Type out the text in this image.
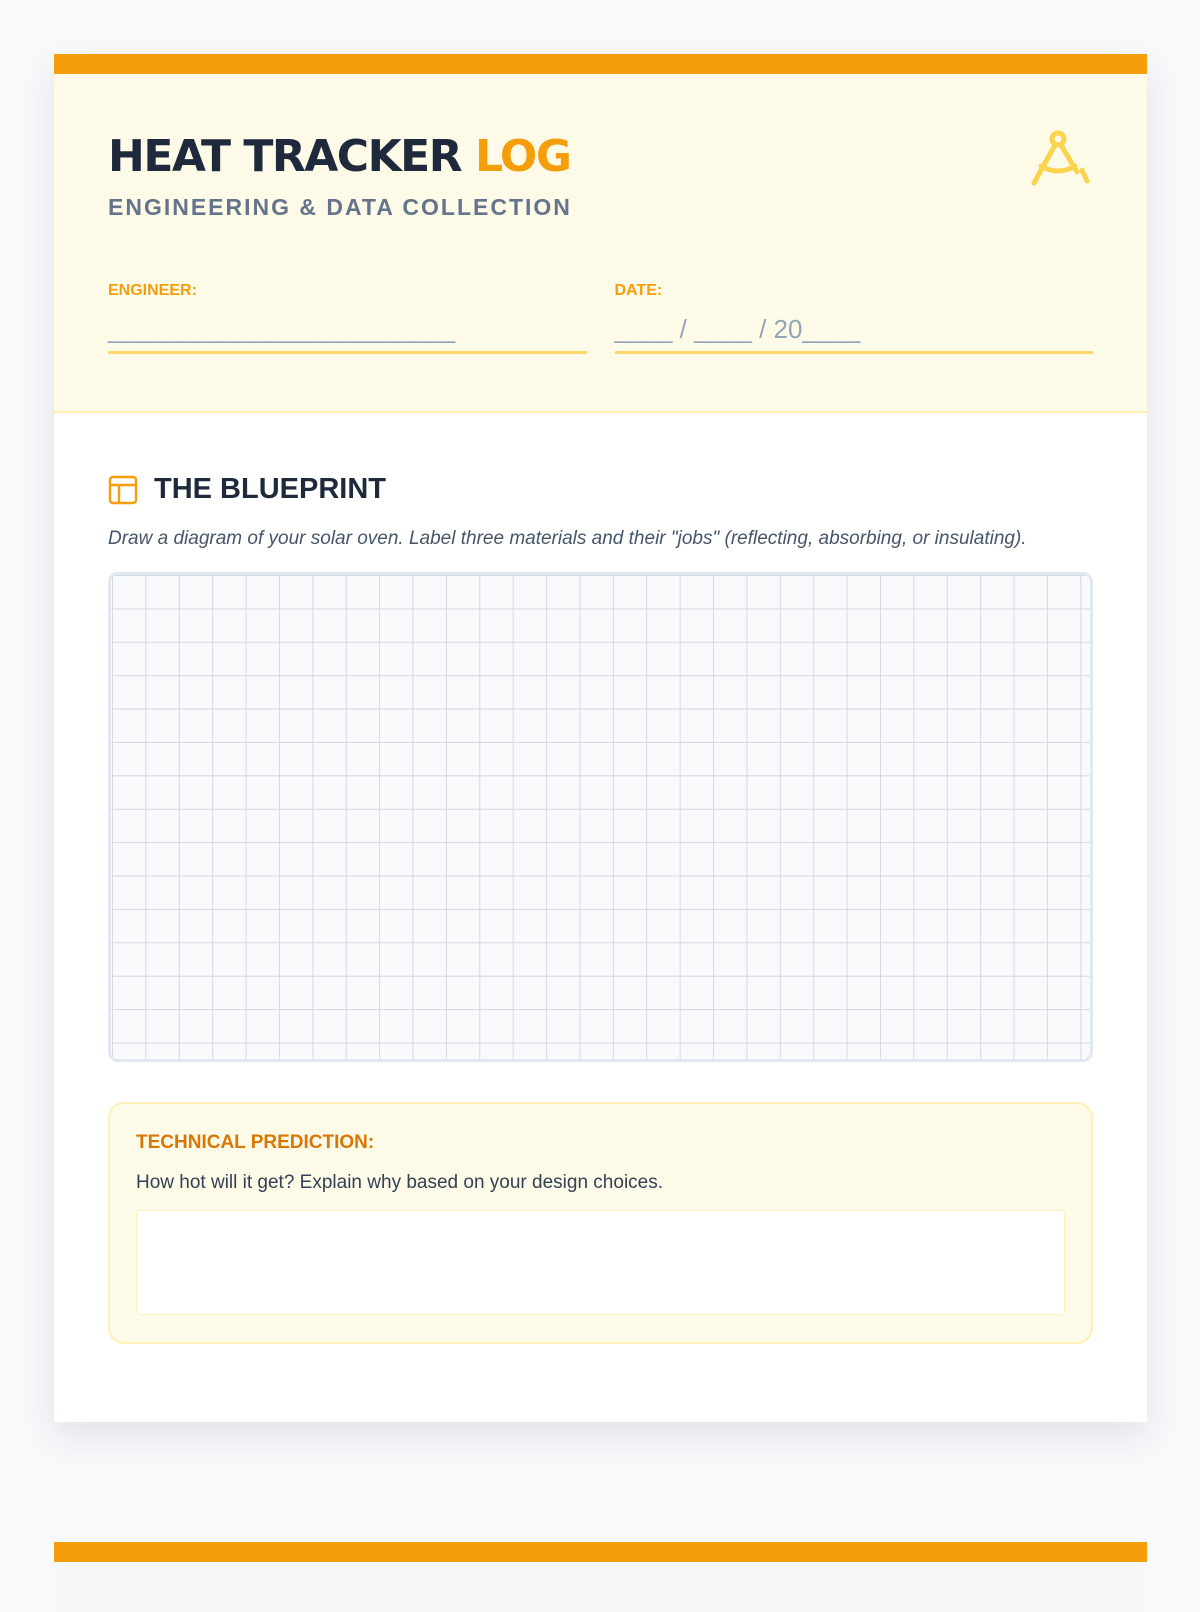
HEAT TRACKER LOG
ENGINEERING & DATA COLLECTION
ENGINEER:
________________________
DATE:
____ / ____ / 20____
THE BLUEPRINT
Draw a diagram of your solar oven. Label three materials and their "jobs" (reflecting, absorbing, or insulating).
TECHNICAL PREDICTION:
How hot will it get? Explain why based on your design choices.
